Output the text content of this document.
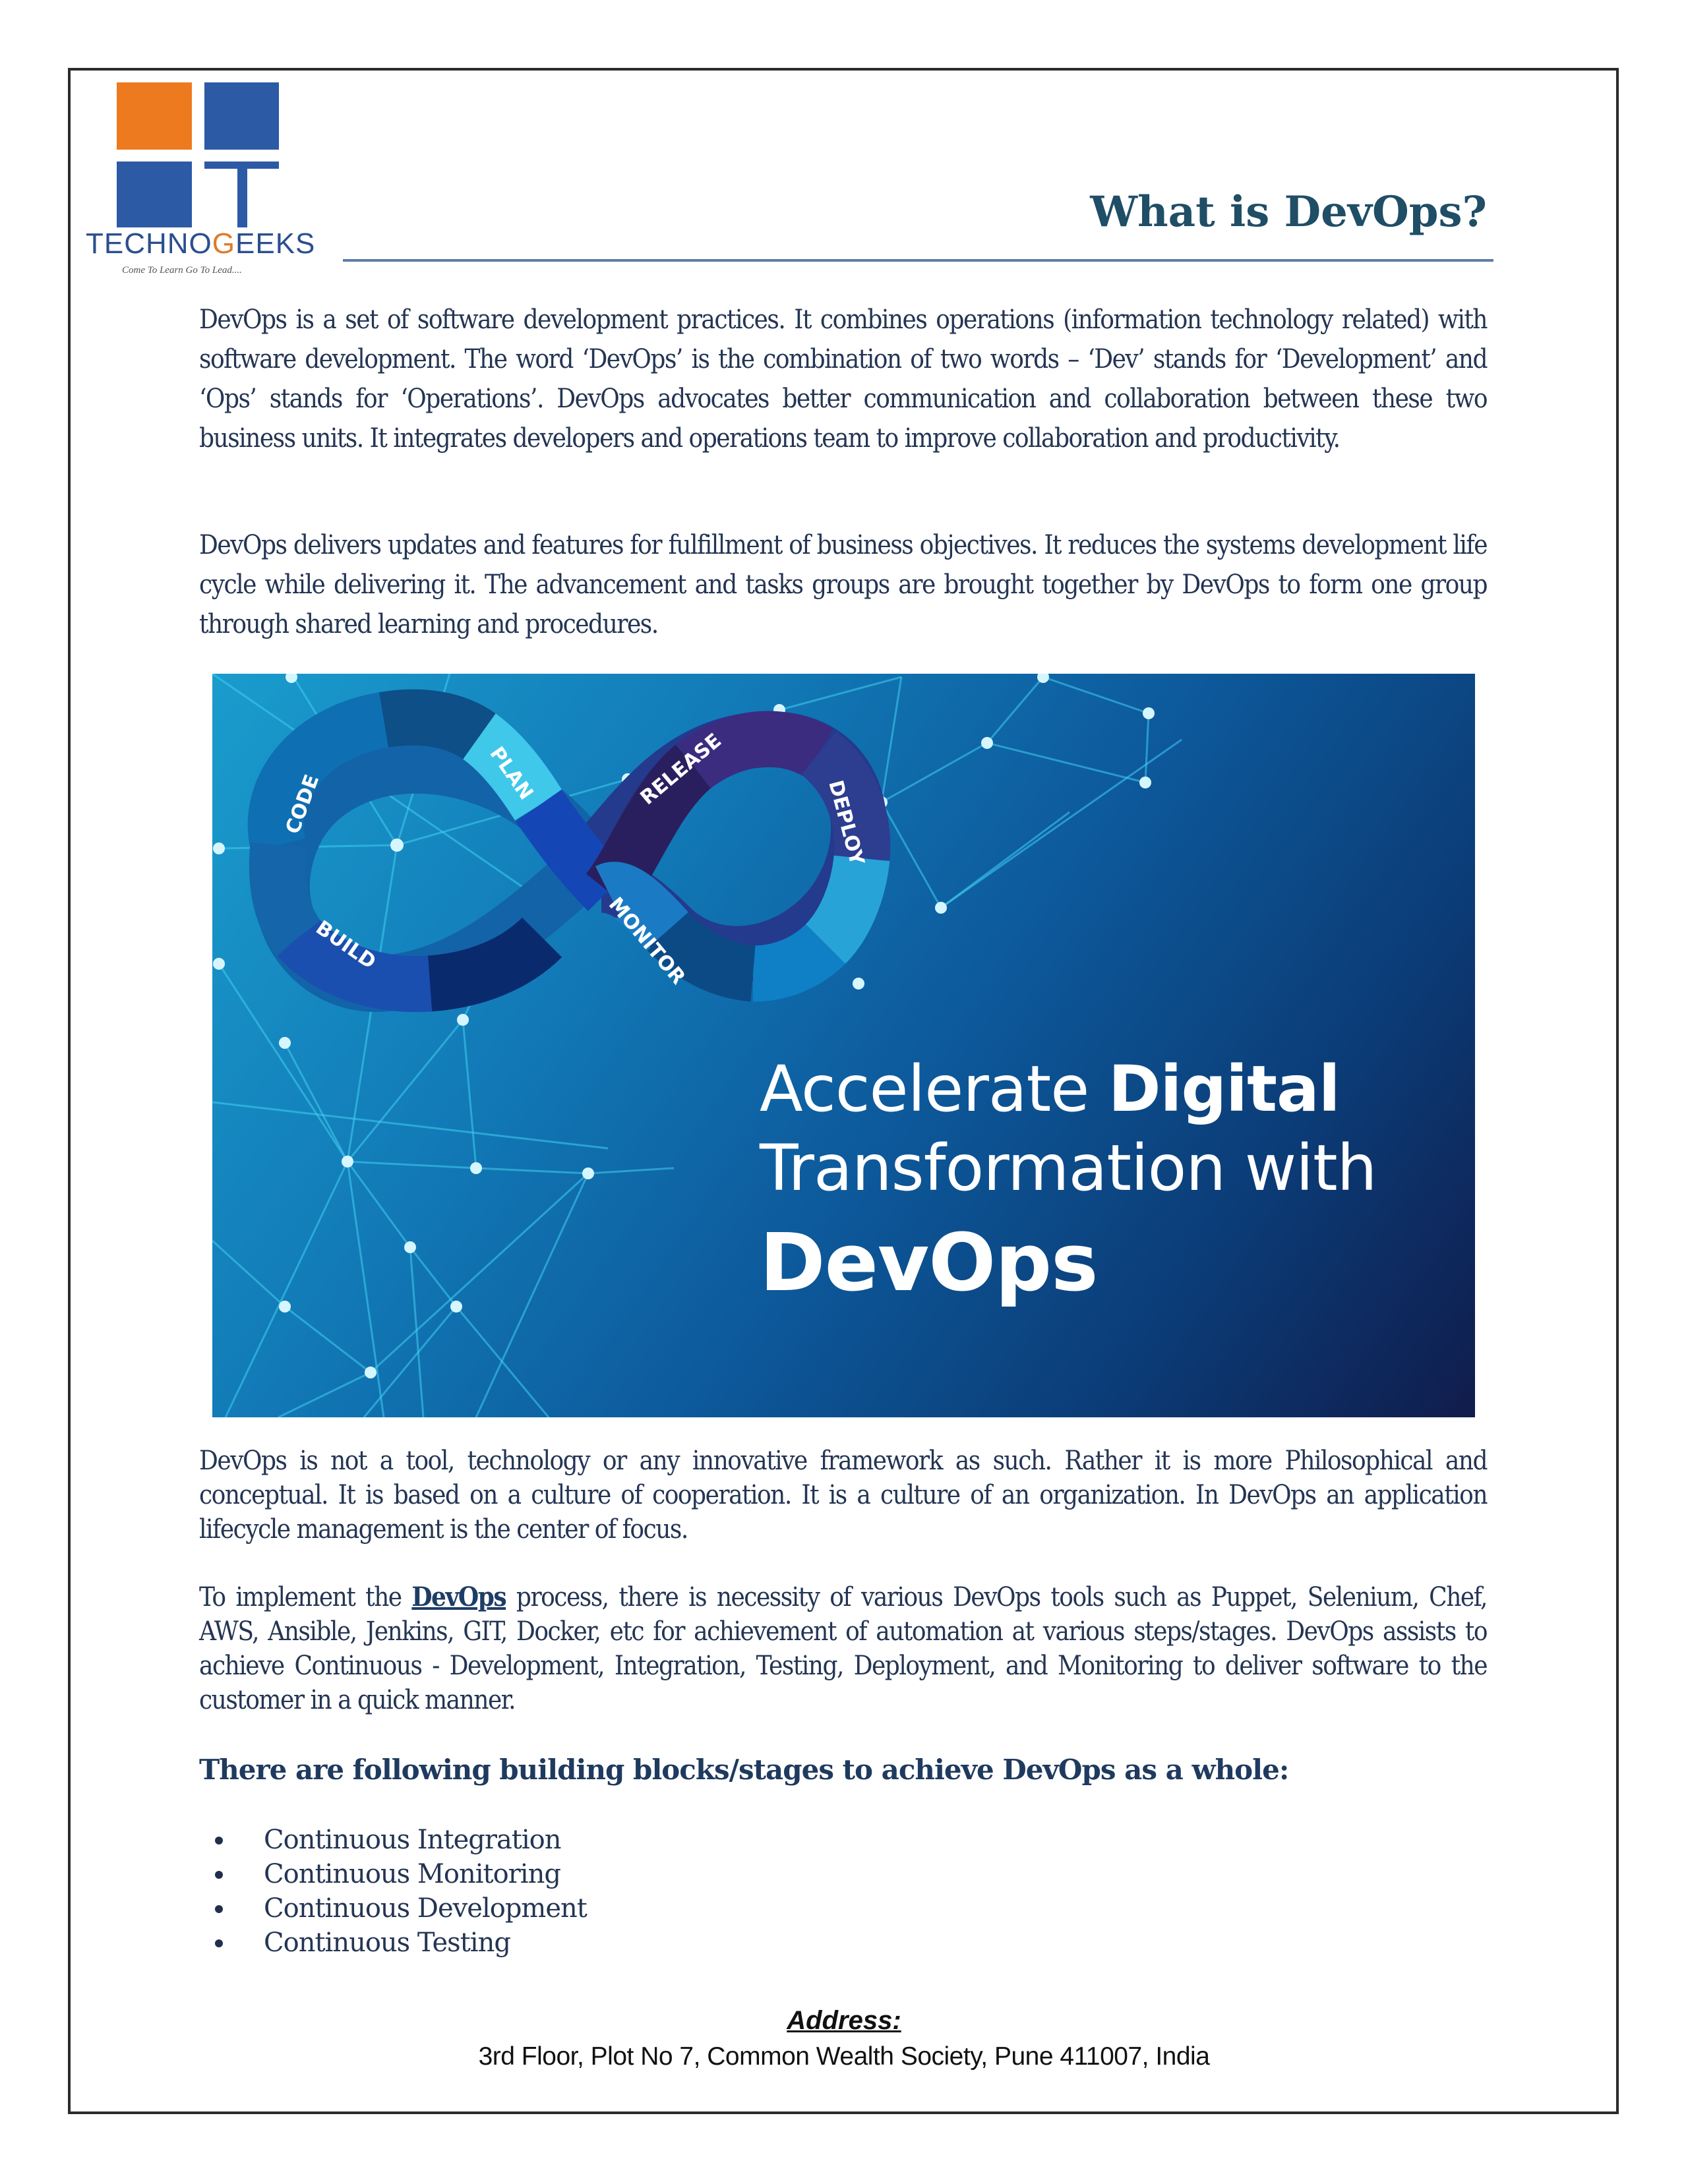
TECHNOGEEKS
Come To Learn Go To Lead....
What is DevOps?

DevOps is a set of software development practices. It combines operations (information technology related) with software development. The word ‘DevOps’ is the combination of two words – ‘Dev’ stands for ‘Development’ and ‘Ops’ stands for ‘Operations’. DevOps advocates better communication and collaboration between these two business units. It integrates developers and operations team to improve collaboration and productivity.

DevOps delivers updates and features for fulfillment of business objectives. It reduces the systems development life cycle while delivering it. The advancement and tasks groups are brought together by DevOps to form one group through shared learning and procedures.

CODE	PLAN	RELEASE
DEPLOY
MONITOR
BUILD
Accelerate Digital
Transformation with
DevOps

DevOps is not a tool, technology or any innovative framework as such. Rather it is more Philosophical and conceptual. It is based on a culture of cooperation. It is a culture of an organization. In DevOps an application lifecycle management is the center of focus.

To implement the DevOps process, there is necessity of various DevOps tools such as Puppet, Selenium, Chef, AWS, Ansible, Jenkins, GIT, Docker, etc for achievement of automation at various steps/stages. DevOps assists to achieve Continuous - Development, Integration, Testing, Deployment, and Monitoring to deliver software to the customer in a quick manner.

There are following building blocks/stages to achieve DevOps as a whole:
Continuous Integration
Continuous Monitoring
Continuous Development
Continuous Testing
Address:
3rd Floor, Plot No 7, Common Wealth Society, Pune 411007, India
